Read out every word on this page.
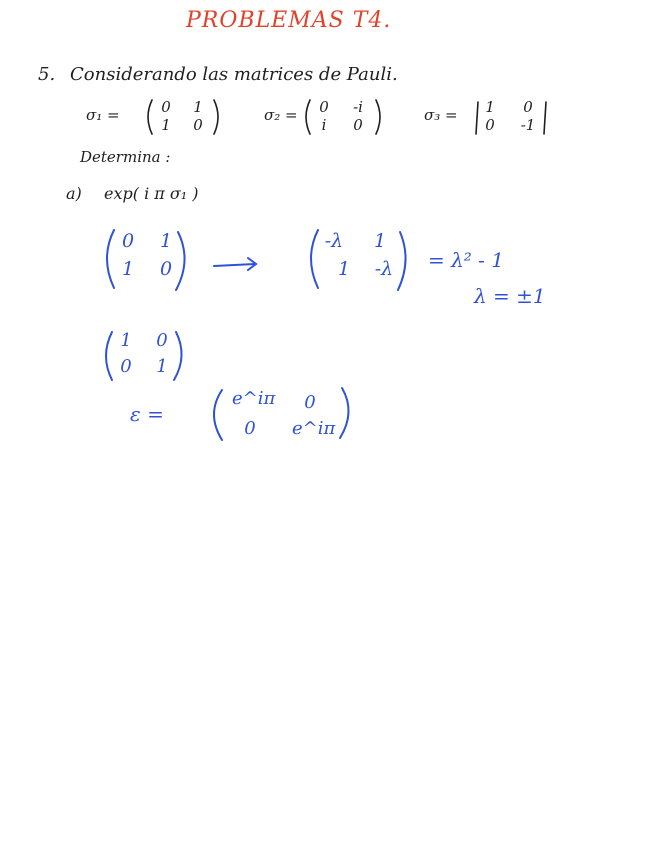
PROBLEMAS T4.
5. Considerando las matrices de Pauli.
σ₁ =	0	1
1	0
σ₂ =	0	-i
i	0
σ₃ =	1	0
0	-1
Determina :
a) exp( i π σ₁ )
0 1
1 0
-λ 1
1 -λ = λ² - 1
λ = ±1
1 0
0 1
ε =
e^iπ 0
0 e^iπ
